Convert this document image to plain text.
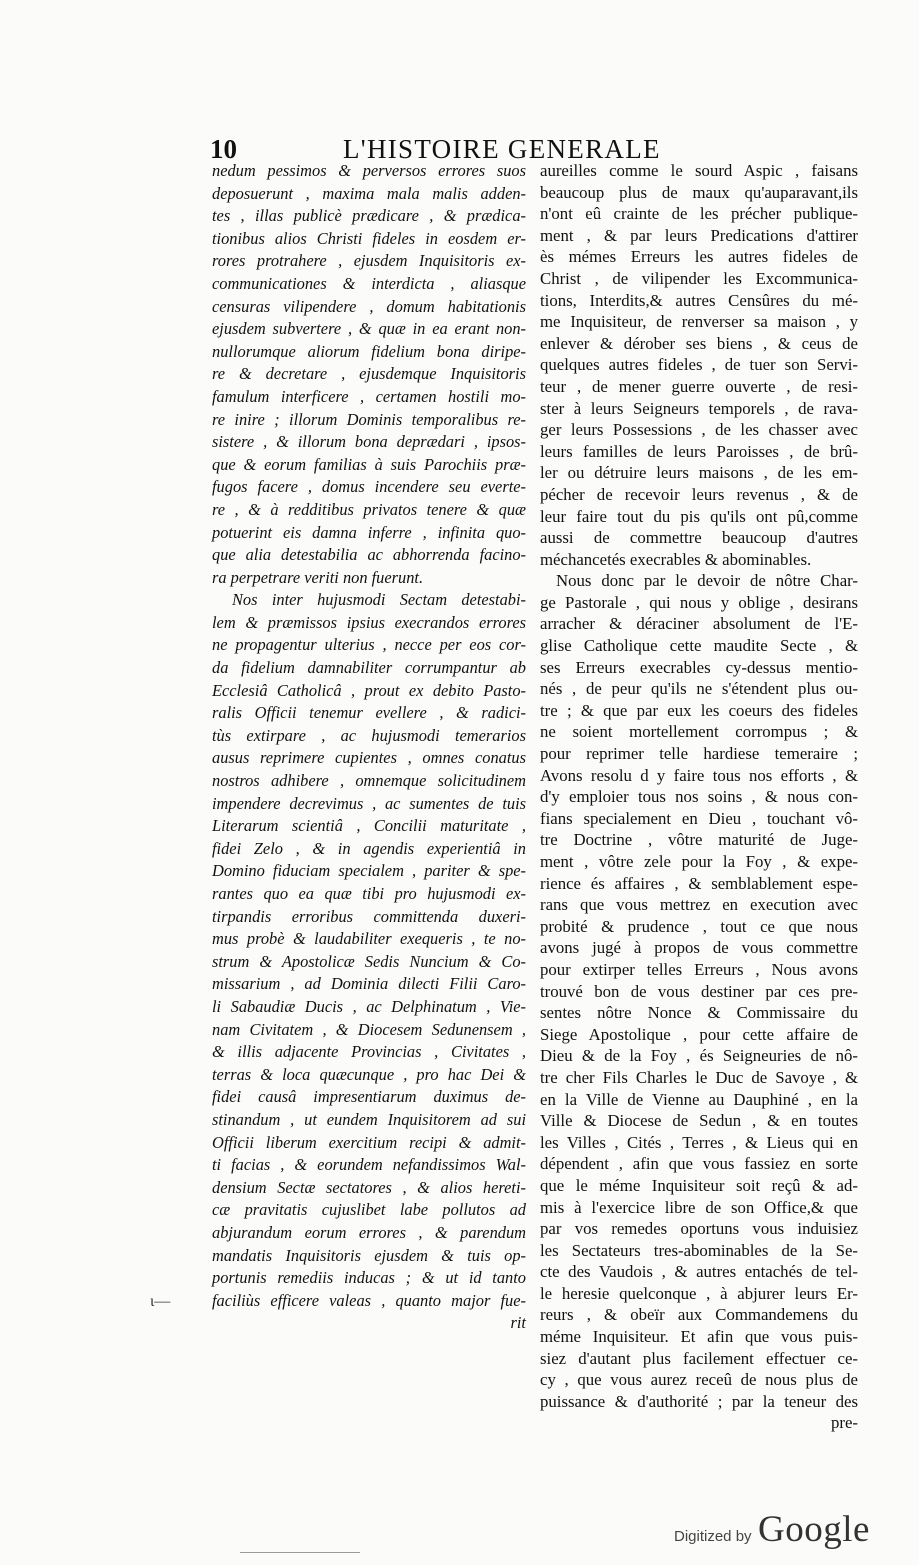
10	L'HISTOIRE GENERALE
nedum pessimos & perversos errores suos
deposuerunt , maxima mala malis adden-
tes , illas publicè prædicare , & prædica-
tionibus alios Christi fideles in eosdem er-
rores protrahere , ejusdem Inquisitoris ex-
communicationes & interdicta , aliasque
censuras vilipendere , domum habitationis
ejusdem subvertere , & quæ in ea erant non-
nullorumque aliorum fidelium bona diripe-
re & decretare , ejusdemque Inquisitoris
famulum interficere , certamen hostili mo-
re inire ; illorum Dominis temporalibus re-
sistere , & illorum bona deprædari , ipsos-
que & eorum familias à suis Parochiis præ-
fugos facere , domus incendere seu everte-
re , & à redditibus privatos tenere & quæ
potuerint eis damna inferre , infinita quo-
que alia detestabilia ac abhorrenda facino-
ra perpetrare veriti non fuerunt.
Nos inter hujusmodi Sectam detestabi-
lem & præmissos ipsius execrandos errores
ne propagentur ulterius , necce per eos cor-
da fidelium damnabiliter corrumpantur ab
Ecclesiâ Catholicâ , prout ex debito Pasto-
ralis Officii tenemur evellere , & radici-
tùs extirpare , ac hujusmodi temerarios
ausus reprimere cupientes , omnes conatus
nostros adhibere , omnemque solicitudinem
impendere decrevimus , ac sumentes de tuis
Literarum scientiâ , Concilii maturitate ,
fidei Zelo , & in agendis experientiâ in
Domino fiduciam specialem , pariter & spe-
rantes quo ea quæ tibi pro hujusmodi ex-
tirpandis erroribus committenda duxeri-
mus probè & laudabiliter exequeris , te no-
strum & Apostolicæ Sedis Nuncium & Co-
missarium , ad Dominia dilecti Filii Caro-
li Sabaudiæ Ducis , ac Delphinatum , Vie-
nam Civitatem , & Diocesem Sedunensem ,
& illis adjacente Provincias , Civitates ,
terras & loca quæcunque , pro hac Dei &
fidei causâ impresentiarum duximus de-
stinandum , ut eundem Inquisitorem ad sui
Officii liberum exercitium recipi & admit-
ti facias , & eorundem nefandissimos Wal-
densium Sectæ sectatores , & alios hereti-
cæ pravitatis cujuslibet labe pollutos ad
abjurandum eorum errores , & parendum
mandatis Inquisitoris ejusdem & tuis op-
portunis remediis inducas ; & ut id tanto
faciliùs efficere valeas , quanto major fue-
rit
aureilles comme le sourd Aspic , faisans
beaucoup plus de maux qu'auparavant,ils
n'ont eû crainte de les précher publique-
ment , & par leurs Predications d'attirer
ès mémes Erreurs les autres fideles de
Christ , de vilipender les Excommunica-
tions, Interdits,& autres Censûres du mé-
me Inquisiteur, de renverser sa maison , y
enlever & dérober ses biens , & ceus de
quelques autres fideles , de tuer son Servi-
teur , de mener guerre ouverte , de resi-
ster à leurs Seigneurs temporels , de rava-
ger leurs Possessions , de les chasser avec
leurs familles de leurs Paroisses , de brû-
ler ou détruire leurs maisons , de les em-
pécher de recevoir leurs revenus , & de
leur faire tout du pis qu'ils ont pû,comme
aussi de commettre beaucoup d'autres
méchancetés execrables & abominables.
Nous donc par le devoir de nôtre Char-
ge Pastorale , qui nous y oblige , desirans
arracher & déraciner absolument de l'E-
glise Catholique cette maudite Secte , &
ses Erreurs execrables cy-dessus mentio-
nés , de peur qu'ils ne s'étendent plus ou-
tre ; & que par eux les coeurs des fideles
ne soient mortellement corrompus ; &
pour reprimer telle hardiese temeraire ;
Avons resolu d y faire tous nos efforts , &
d'y emploier tous nos soins , & nous con-
fians specialement en Dieu , touchant vô-
tre Doctrine , vôtre maturité de Juge-
ment , vôtre zele pour la Foy , & expe-
rience és affaires , & semblablement espe-
rans que vous mettrez en execution avec
probité & prudence , tout ce que nous
avons jugé à propos de vous commettre
pour extirper telles Erreurs , Nous avons
trouvé bon de vous destiner par ces pre-
sentes nôtre Nonce & Commissaire du
Siege Apostolique , pour cette affaire de
Dieu & de la Foy , és Seigneuries de nô-
tre cher Fils Charles le Duc de Savoye , &
en la Ville de Vienne au Dauphiné , en la
Ville & Diocese de Sedun , & en toutes
les Villes , Cités , Terres , & Lieus qui en
dépendent , afin que vous fassiez en sorte
que le méme Inquisiteur soit reçû & ad-
mis à l'exercice libre de son Office,& que
par vos remedes oportuns vous induisiez
les Sectateurs tres-abominables de la Se-
cte des Vaudois , & autres entachés de tel-
le heresie quelconque , à abjurer leurs Er-
reurs , & obeïr aux Commandemens du
méme Inquisiteur. Et afin que vous puis-
siez d'autant plus facilement effectuer ce-
cy , que vous aurez receû de nous plus de
puissance & d'authorité ; par la teneur des
pre-
ι—
Digitized by Google
